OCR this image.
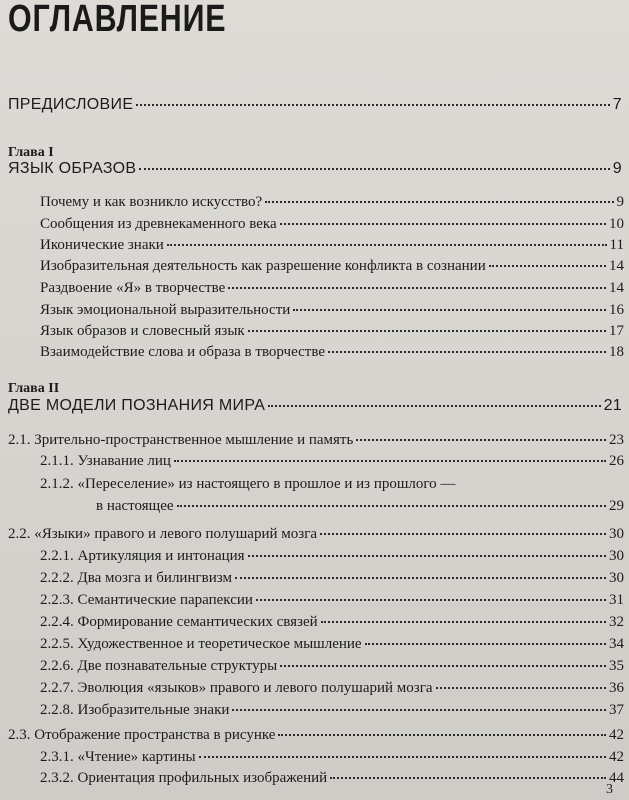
ОГЛАВЛЕНИЕ
ПРЕДИСЛОВИЕ	7
Глава I
ЯЗЫК ОБРАЗОВ	9
Почему и как возникло искусство?	9
Сообщения из древнекаменного века	10
Иконические знаки	11
Изобразительная деятельность как разрешение конфликта в сознании	14
Раздвоение «Я» в творчестве	14
Язык эмоциональной выразительности	16
Язык образов и словесный язык	17
Взаимодействие слова и образа в творчестве	18
Глава II
ДВЕ МОДЕЛИ ПОЗНАНИЯ МИРА	21
2.1. Зрительно-пространственное мышление и память	23
2.1.1. Узнавание лиц	26
2.1.2. «Переселение» из настоящего в прошлое и из прошлого —
в настоящее	29
2.2. «Языки» правого и левого полушарий мозга	30
2.2.1. Артикуляция и интонация	30
2.2.2. Два мозга и билингвизм	30
2.2.3. Семантические парапексии	31
2.2.4. Формирование семантических связей	32
2.2.5. Художественное и теоретическое мышление	34
2.2.6. Две познавательные структуры	35
2.2.7. Эволюция «языков» правого и левого полушарий мозга	36
2.2.8. Изобразительные знаки	37
2.3. Отображение пространства в рисунке	42
2.3.1. «Чтение» картины	42
2.3.2. Ориентация профильных изображений	44
3
